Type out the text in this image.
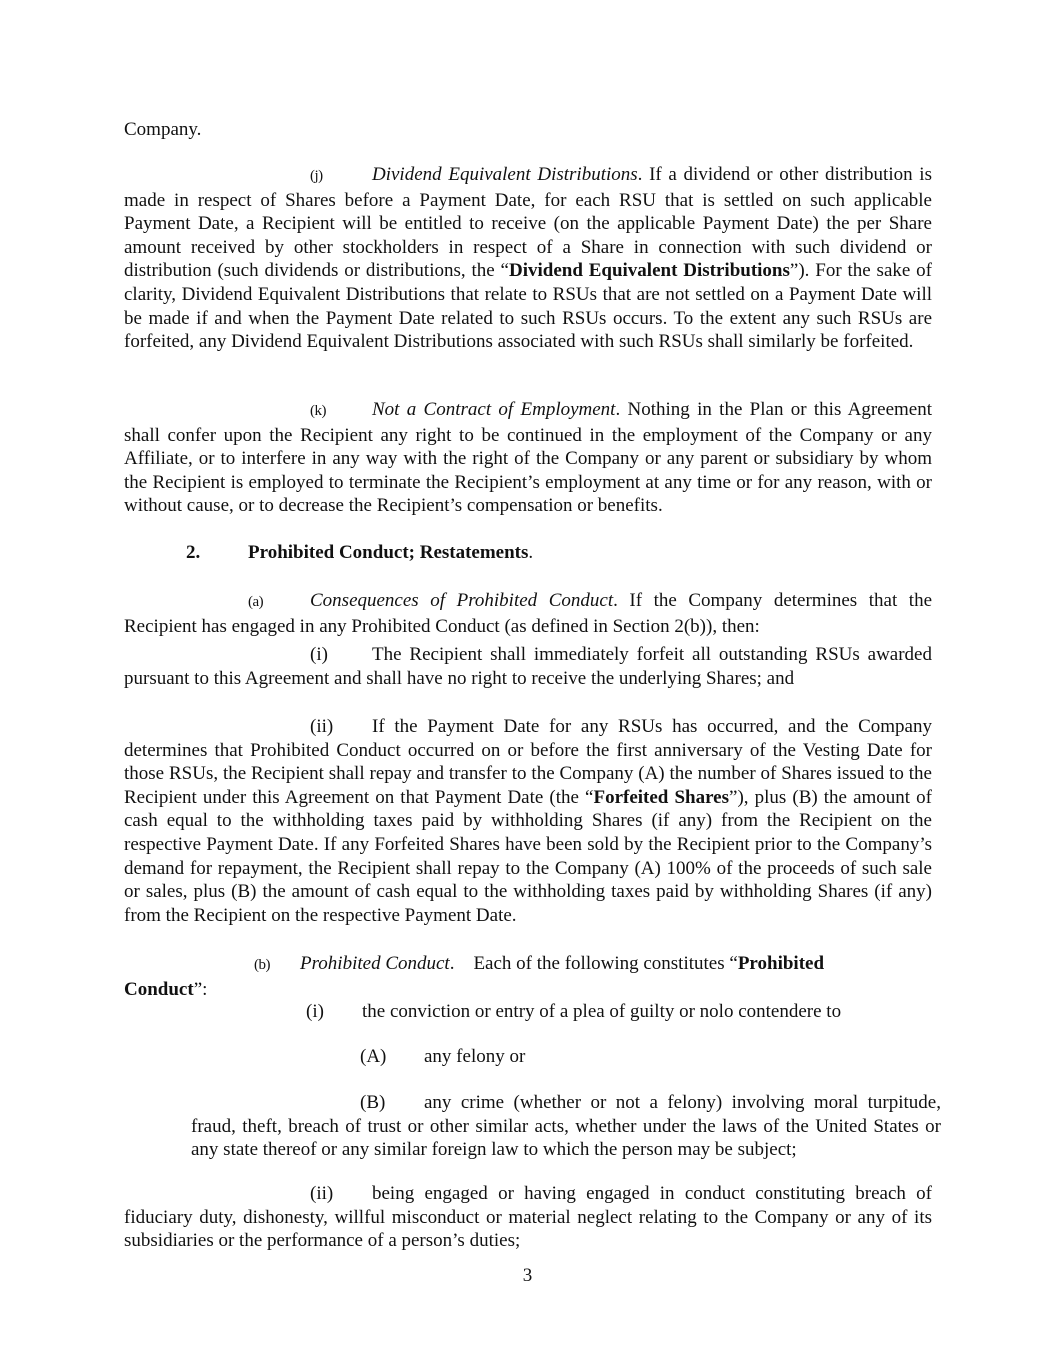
Company.

(j)	Dividend Equivalent Distributions. If a dividend or other distribution is made in respect of Shares before a Payment Date, for each RSU that is settled on such applicable Payment Date, a Recipient will be entitled to receive (on the applicable Payment Date) the per Share amount received by other stockholders in respect of a Share in connection with such dividend or distribution (such dividends or distributions, the “Dividend Equivalent Distributions”). For the sake of clarity, Dividend Equivalent Distributions that relate to RSUs that are not settled on a Payment Date will be made if and when the Payment Date related to such RSUs occurs. To the extent any such RSUs are forfeited, any Dividend Equivalent Distributions associated with such RSUs shall similarly be forfeited.

(k) Not a Contract of Employment. Nothing in the Plan or this Agreement shall confer upon the Recipient any right to be continued in the employment of the Company or any Affiliate, or to interfere in any way with the right of the Company or any parent or subsidiary by whom the Recipient is employed to terminate the Recipient’s employment at any time or for any reason, with or without cause, or to decrease the Recipient’s compensation or benefits.

2.	Prohibited Conduct; Restatements.

(a) Consequences of Prohibited Conduct. If the Company determines that the Recipient has engaged in any Prohibited Conduct (as defined in Section 2(b)), then:

(i) The Recipient shall immediately forfeit all outstanding RSUs awarded pursuant to this Agreement and shall have no right to receive the underlying Shares; and

(ii) If the Payment Date for any RSUs has occurred, and the Company determines that Prohibited Conduct occurred on or before the first anniversary of the Vesting Date for those RSUs, the Recipient shall repay and transfer to the Company (A) the number of Shares issued to the Recipient under this Agreement on that Payment Date (the “Forfeited Shares”), plus (B) the amount of cash equal to the withholding taxes paid by withholding Shares (if any) from the Recipient on the respective Payment Date. If any Forfeited Shares have been sold by the Recipient prior to the Company’s demand for repayment, the Recipient shall repay to the Company (A) 100% of the proceeds of such sale or sales, plus (B) the amount of cash equal to the withholding taxes paid by withholding Shares (if any) from the Recipient on the respective Payment Date.

(b) Prohibited Conduct.    Each of the following constitutes “Prohibited
Conduct”:

(i) the conviction or entry of a plea of guilty or nolo contendere to

(A) any felony or

(B) any crime (whether or not a felony) involving moral turpitude, fraud, theft, breach of trust or other similar acts, whether under the laws of the United States or any state thereof or any similar foreign law to which the person may be subject;

(ii) being engaged or having engaged in conduct constituting breach of fiduciary duty, dishonesty, willful misconduct or material neglect relating to the Company or any of its subsidiaries or the performance of a person’s duties;

3
